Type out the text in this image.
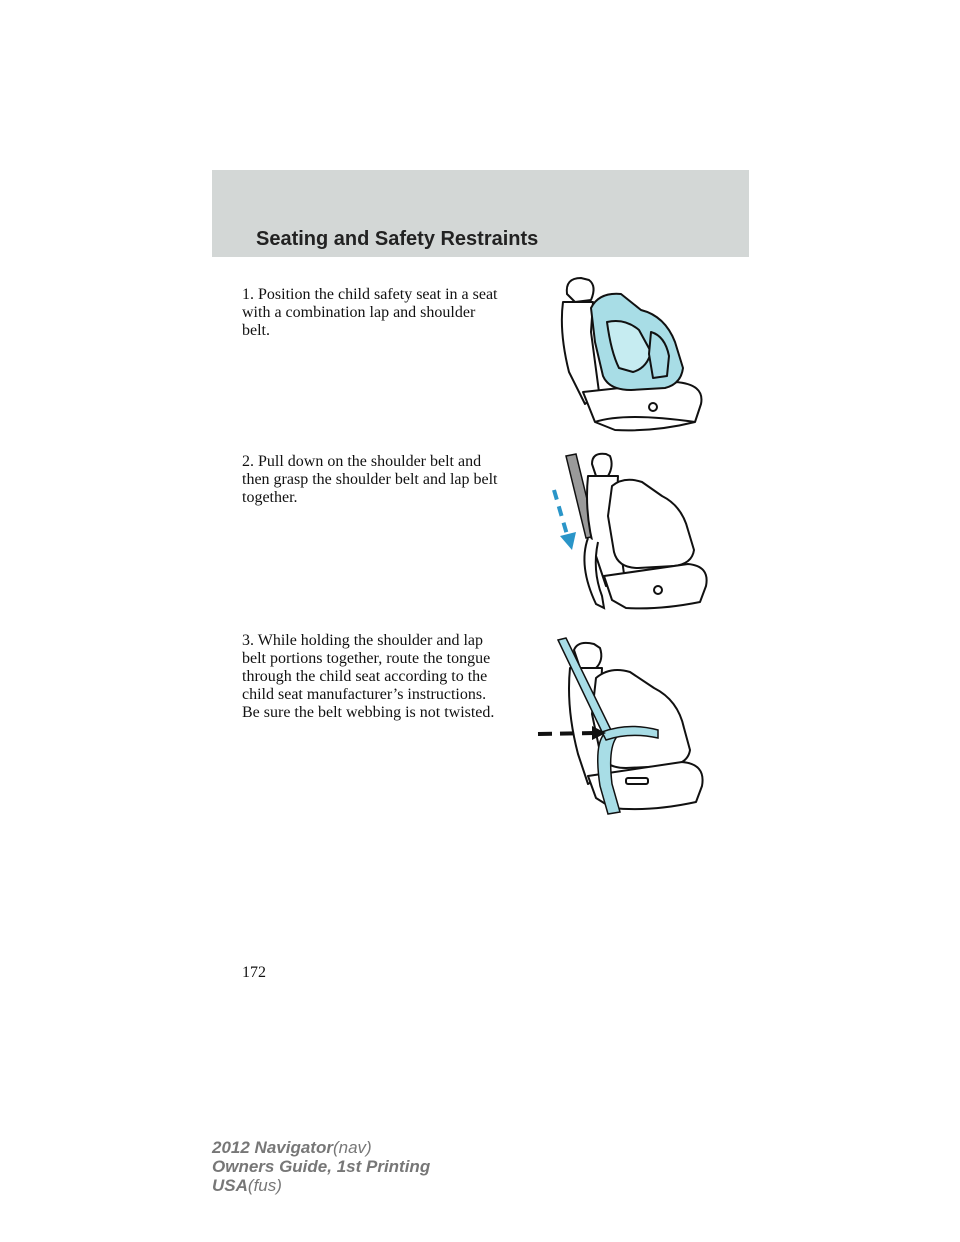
Seating and Safety Restraints

1. Position the child safety seat in a seat with a combination lap and shoulder belt.

2. Pull down on the shoulder belt and then grasp the shoulder belt and lap belt together.

3. While holding the shoulder and lap belt portions together, route the tongue through the child seat according to the child seat manufacturer’s instructions. Be sure the belt webbing is not twisted.

172

2012 Navigator(nav)
Owners Guide, 1st Printing
USA(fus)
